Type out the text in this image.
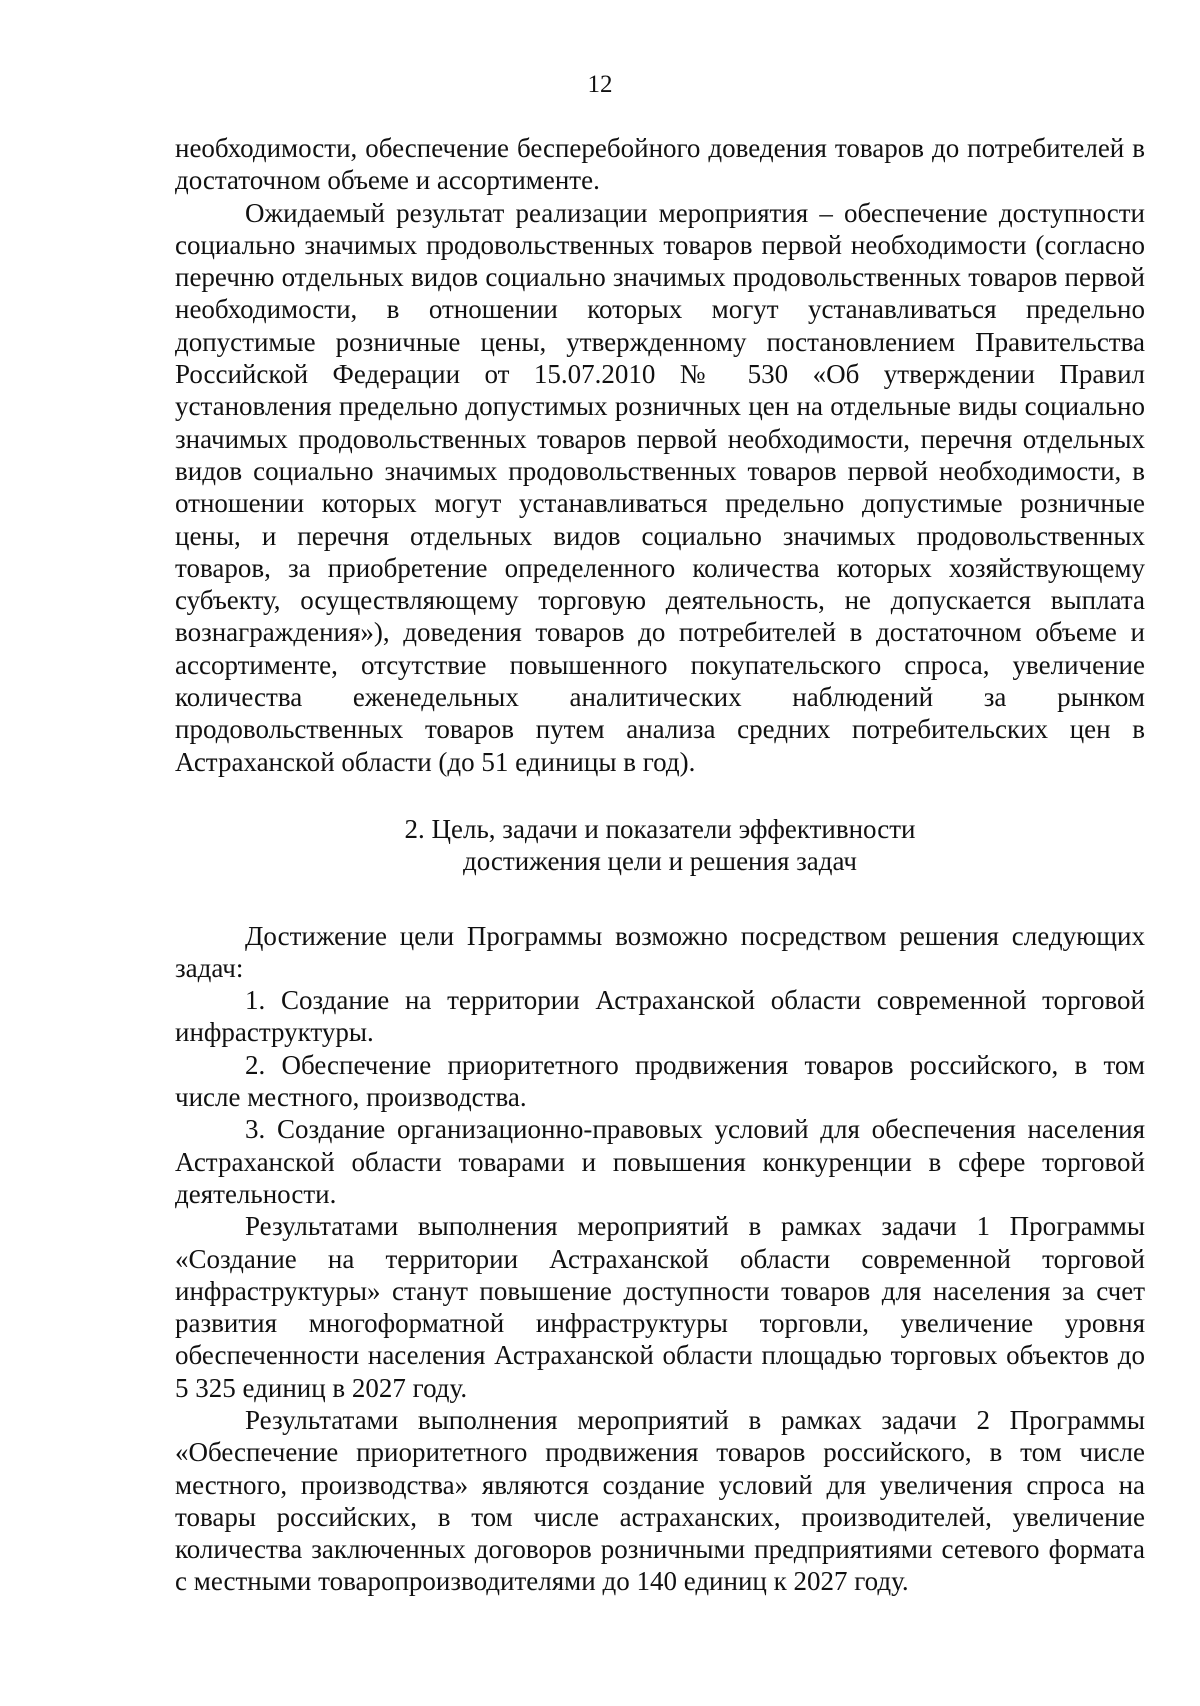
12

необходимости, обеспечение бесперебойного доведения товаров до потребителей в достаточном объеме и ассортименте.

Ожидаемый результат реализации мероприятия – обеспечение доступности социально значимых продовольственных товаров первой необходимости (согласно перечню отдельных видов социально значимых продовольственных товаров первой необходимости, в отношении которых могут устанавливаться предельно допустимые розничные цены, утвержденному постановлением Правительства Российской Федерации от 15.07.2010 № 530 «Об утверждении Правил установления предельно допустимых розничных цен на отдельные виды социально значимых продовольственных товаров первой необходимости, перечня отдельных видов социально значимых продовольственных товаров первой необходимости, в отношении которых могут устанавливаться предельно допустимые розничные цены, и перечня отдельных видов социально значимых продовольственных товаров, за приобретение определенного количества которых хозяйствующему субъекту, осуществляющему торговую деятельность, не допускается выплата вознаграждения»), доведения товаров до потребителей в достаточном объеме и ассортименте, отсутствие повышенного покупательского спроса, увеличение количества еженедельных аналитических наблюдений за рынком продовольственных товаров путем анализа средних потребительских цен в Астраханской области (до 51 единицы в год).

2. Цель, задачи и показатели эффективности
достижения цели и решения задач

Достижение цели Программы возможно посредством решения следующих задач:

1. Создание на территории Астраханской области современной торговой инфраструктуры.

2. Обеспечение приоритетного продвижения товаров российского, в том числе местного, производства.

3. Создание организационно-правовых условий для обеспечения населения Астраханской области товарами и повышения конкуренции в сфере торговой деятельности.

Результатами выполнения мероприятий в рамках задачи 1 Программы «Создание на территории Астраханской области современной торговой инфраструктуры» станут повышение доступности товаров для населения за счет развития многоформатной инфраструктуры торговли, увеличение уровня обеспеченности населения Астраханской области площадью торговых объектов до 5 325 единиц в 2027 году.

Результатами выполнения мероприятий в рамках задачи 2 Программы «Обеспечение приоритетного продвижения товаров российского, в том числе местного, производства» являются создание условий для увеличения спроса на товары российских, в том числе астраханских, производителей, увеличение количества заключенных договоров розничными предприятиями сетевого формата с местными товаропроизводителями до 140 единиц к 2027 году.
